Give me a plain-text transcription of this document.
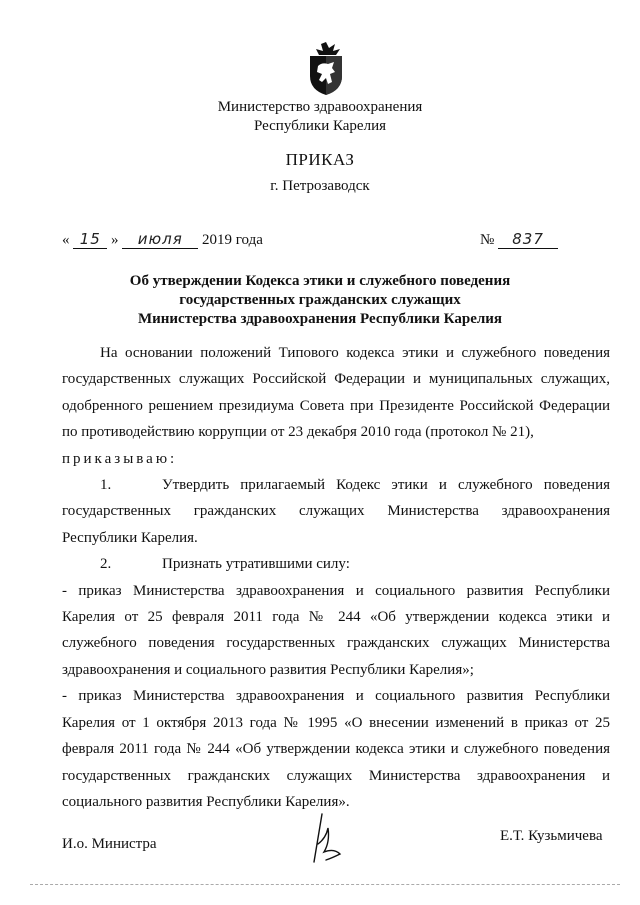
Министерство здравоохранения
Республики Карелия
ПРИКАЗ
г. Петрозаводск
« 15 » июля 2019 года	№ 837
Об утверждении Кодекса этики и служебного поведения
государственных гражданских служащих
Министерства здравоохранения Республики Карелия

На основании положений Типового кодекса этики и служебного поведения государственных служащих Российской Федерации и муниципальных служащих, одобренного решением президиума Совета при Президенте Российской Федерации по противодействию коррупции от 23 декабря 2010 года (протокол № 21),

приказываю:

1.	Утвердить прилагаемый Кодекс этики и служебного поведения государственных гражданских служащих Министерства здравоохранения Республики Карелия.

2.	Признать утратившими силу:

- приказ Министерства здравоохранения и социального развития Республики Карелия от 25 февраля 2011 года № 244 «Об утверждении кодекса этики и служебного поведения государственных гражданских служащих Министерства здравоохранения и социального развития Республики Карелия»;

- приказ Министерства здравоохранения и социального развития Республики Карелия от 1 октября 2013 года № 1995 «О внесении изменений в приказ от 25 февраля 2011 года № 244 «Об утверждении кодекса этики и служебного поведения государственных гражданских служащих Министерства здравоохранения и социального развития Республики Карелия».

И.о. Министра	Е.Т. Кузьмичева
